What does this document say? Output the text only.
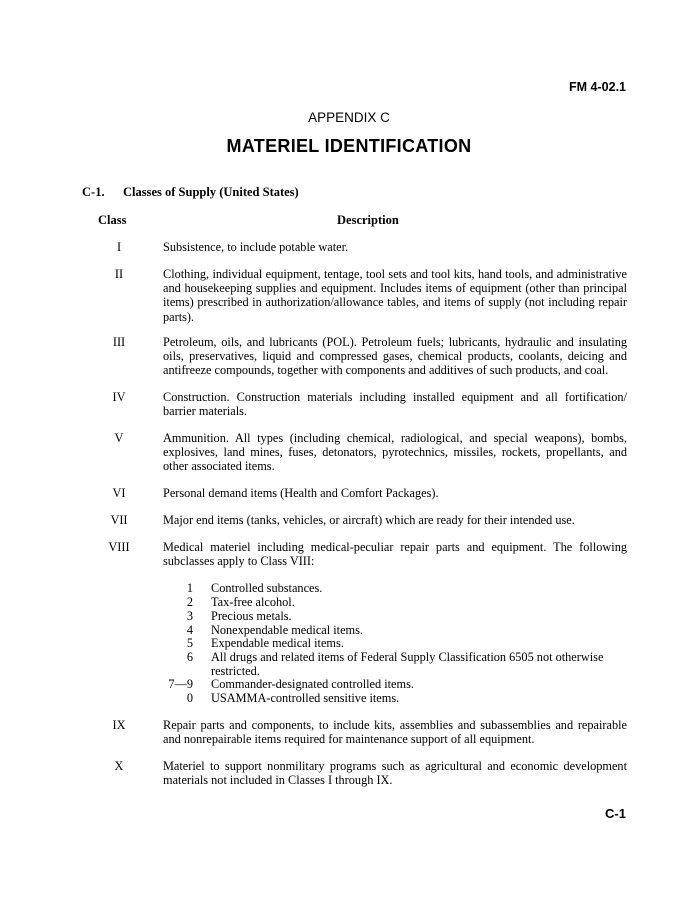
FM 4-02.1
APPENDIX C
MATERIEL IDENTIFICATION
C-1. Classes of Supply (United States)
Class	Description
I	Subsistence, to include potable water.
II	Clothing, individual equipment, tentage, tool sets and tool kits, hand tools, and administrative and housekeeping supplies and equipment. Includes items of equipment (other than principal items) prescribed in authorization/allowance tables, and items of supply (not including repair parts).
III	Petroleum, oils, and lubricants (POL). Petroleum fuels; lubricants, hydraulic and insulating oils, preservatives, liquid and compressed gases, chemical products, coolants, deicing and antifreeze compounds, together with components and additives of such products, and coal.
IV	Construction. Construction materials including installed equipment and all fortification/ barrier materials.
V	Ammunition. All types (including chemical, radiological, and special weapons), bombs, explosives, land mines, fuses, detonators, pyrotechnics, missiles, rockets, propellants, and other associated items.
VI	Personal demand items (Health and Comfort Packages).
VII	Major end items (tanks, vehicles, or aircraft) which are ready for their intended use.
VIII	Medical materiel including medical-peculiar repair parts and equipment. The following subclasses apply to Class VIII:
1 Controlled substances.
2 Tax-free alcohol.
3 Precious metals.
4 Nonexpendable medical items.
5 Expendable medical items.
6 All drugs and related items of Federal Supply Classification 6505 not otherwise restricted.
7—9 Commander-designated controlled items.
0 USAMMA-controlled sensitive items.
IX	Repair parts and components, to include kits, assemblies and subassemblies and repairable and nonrepairable items required for maintenance support of all equipment.
X	Materiel to support nonmilitary programs such as agricultural and economic development materials not included in Classes I through IX.
C-1
